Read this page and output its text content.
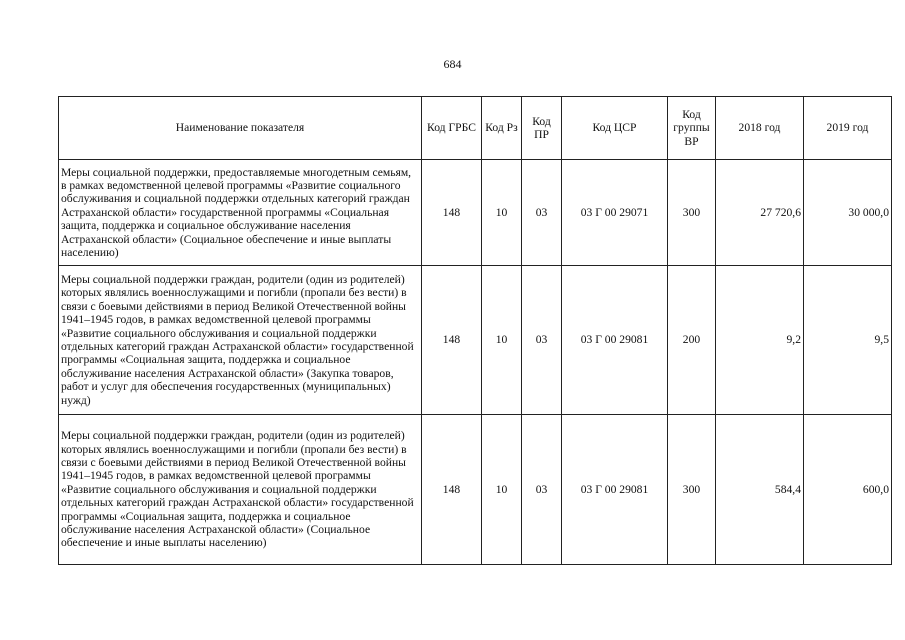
684
Наименование показателя	Код ГРБС	Код Рз	Код ПР	Код ЦСР	Код группы ВР	2018 год	2019 год
Меры социальной поддержки, предоставляемые многодетным семьям, в рамках ведомственной целевой программы «Развитие социального обслуживания и социальной поддержки отдельных категорий граждан Астраханской области» государственной программы «Социальная защита, поддержка и социальное обслуживание населения Астраханской области» (Социальное обеспечение и иные выплаты населению)	148	10	03	03 Г 00 29071	300	27 720,6	30 000,0
Меры социальной поддержки граждан, родители (один из родителей) которых являлись военнослужащими и погибли (пропали без вести) в связи с боевыми действиями в период Великой Отечественной войны 1941–1945 годов, в рамках ведомственной целевой программы «Развитие социального обслуживания и социальной поддержки отдельных категорий граждан Астраханской области» государственной программы «Социальная защита, поддержка и социальное обслуживание населения Астраханской области» (Закупка товаров, работ и услуг для обеспечения государственных (муниципальных) нужд)	148	10	03	03 Г 00 29081	200	9,2	9,5
Меры социальной поддержки граждан, родители (один из родителей) которых являлись военнослужащими и погибли (пропали без вести) в связи с боевыми действиями в период Великой Отечественной войны 1941–1945 годов, в рамках ведомственной целевой программы «Развитие социального обслуживания и социальной поддержки отдельных категорий граждан Астраханской области» государственной программы «Социальная защита, поддержка и социальное обслуживание населения Астраханской области» (Социальное обеспечение и иные выплаты населению)	148	10	03	03 Г 00 29081	300	584,4	600,0
